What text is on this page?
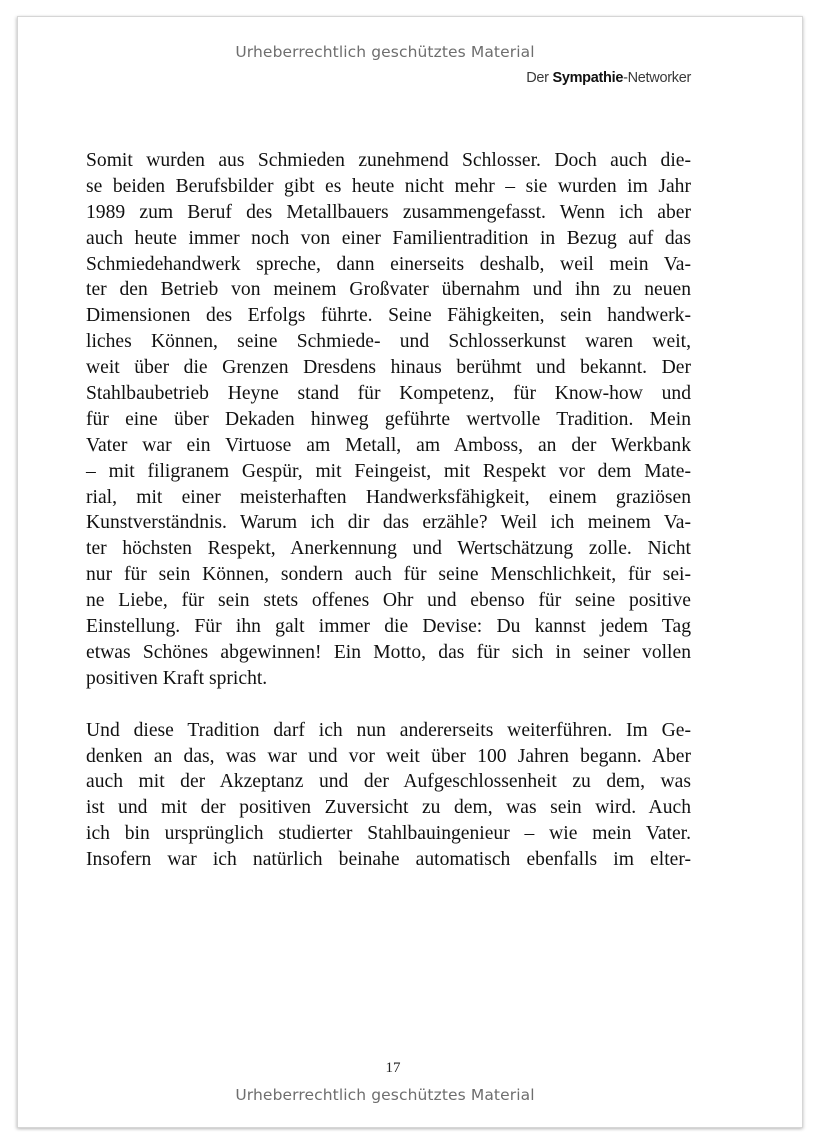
Urheberrechtlich geschütztes Material
Der Sympathie-Networker
Somit wurden aus Schmieden zunehmend Schlosser. Doch auch die-
se beiden Berufsbilder gibt es heute nicht mehr – sie wurden im Jahr
1989 zum Beruf des Metallbauers zusammengefasst. Wenn ich aber
auch heute immer noch von einer Familientradition in Bezug auf das
Schmiedehandwerk spreche, dann einerseits deshalb, weil mein Va-
ter den Betrieb von meinem Großvater übernahm und ihn zu neuen
Dimensionen des Erfolgs führte. Seine Fähigkeiten, sein handwerk-
liches Können, seine Schmiede- und Schlosserkunst waren weit,
weit über die Grenzen Dresdens hinaus berühmt und bekannt. Der
Stahlbaubetrieb Heyne stand für Kompetenz, für Know-how und
für eine über Dekaden hinweg geführte wertvolle Tradition. Mein
Vater war ein Virtuose am Metall, am Amboss, an der Werkbank
– mit filigranem Gespür, mit Feingeist, mit Respekt vor dem Mate-
rial, mit einer meisterhaften Handwerksfähigkeit, einem graziösen
Kunstverständnis. Warum ich dir das erzähle? Weil ich meinem Va-
ter höchsten Respekt, Anerkennung und Wertschätzung zolle. Nicht
nur für sein Können, sondern auch für seine Menschlichkeit, für sei-
ne Liebe, für sein stets offenes Ohr und ebenso für seine positive
Einstellung. Für ihn galt immer die Devise: Du kannst jedem Tag
etwas Schönes abgewinnen! Ein Motto, das für sich in seiner vollen
positiven Kraft spricht.
Und diese Tradition darf ich nun andererseits weiterführen. Im Ge-
denken an das, was war und vor weit über 100 Jahren begann. Aber
auch mit der Akzeptanz und der Aufgeschlossenheit zu dem, was
ist und mit der positiven Zuversicht zu dem, was sein wird. Auch
ich bin ursprünglich studierter Stahlbauingenieur – wie mein Vater.
Insofern war ich natürlich beinahe automatisch ebenfalls im elter-
17
Urheberrechtlich geschütztes Material
